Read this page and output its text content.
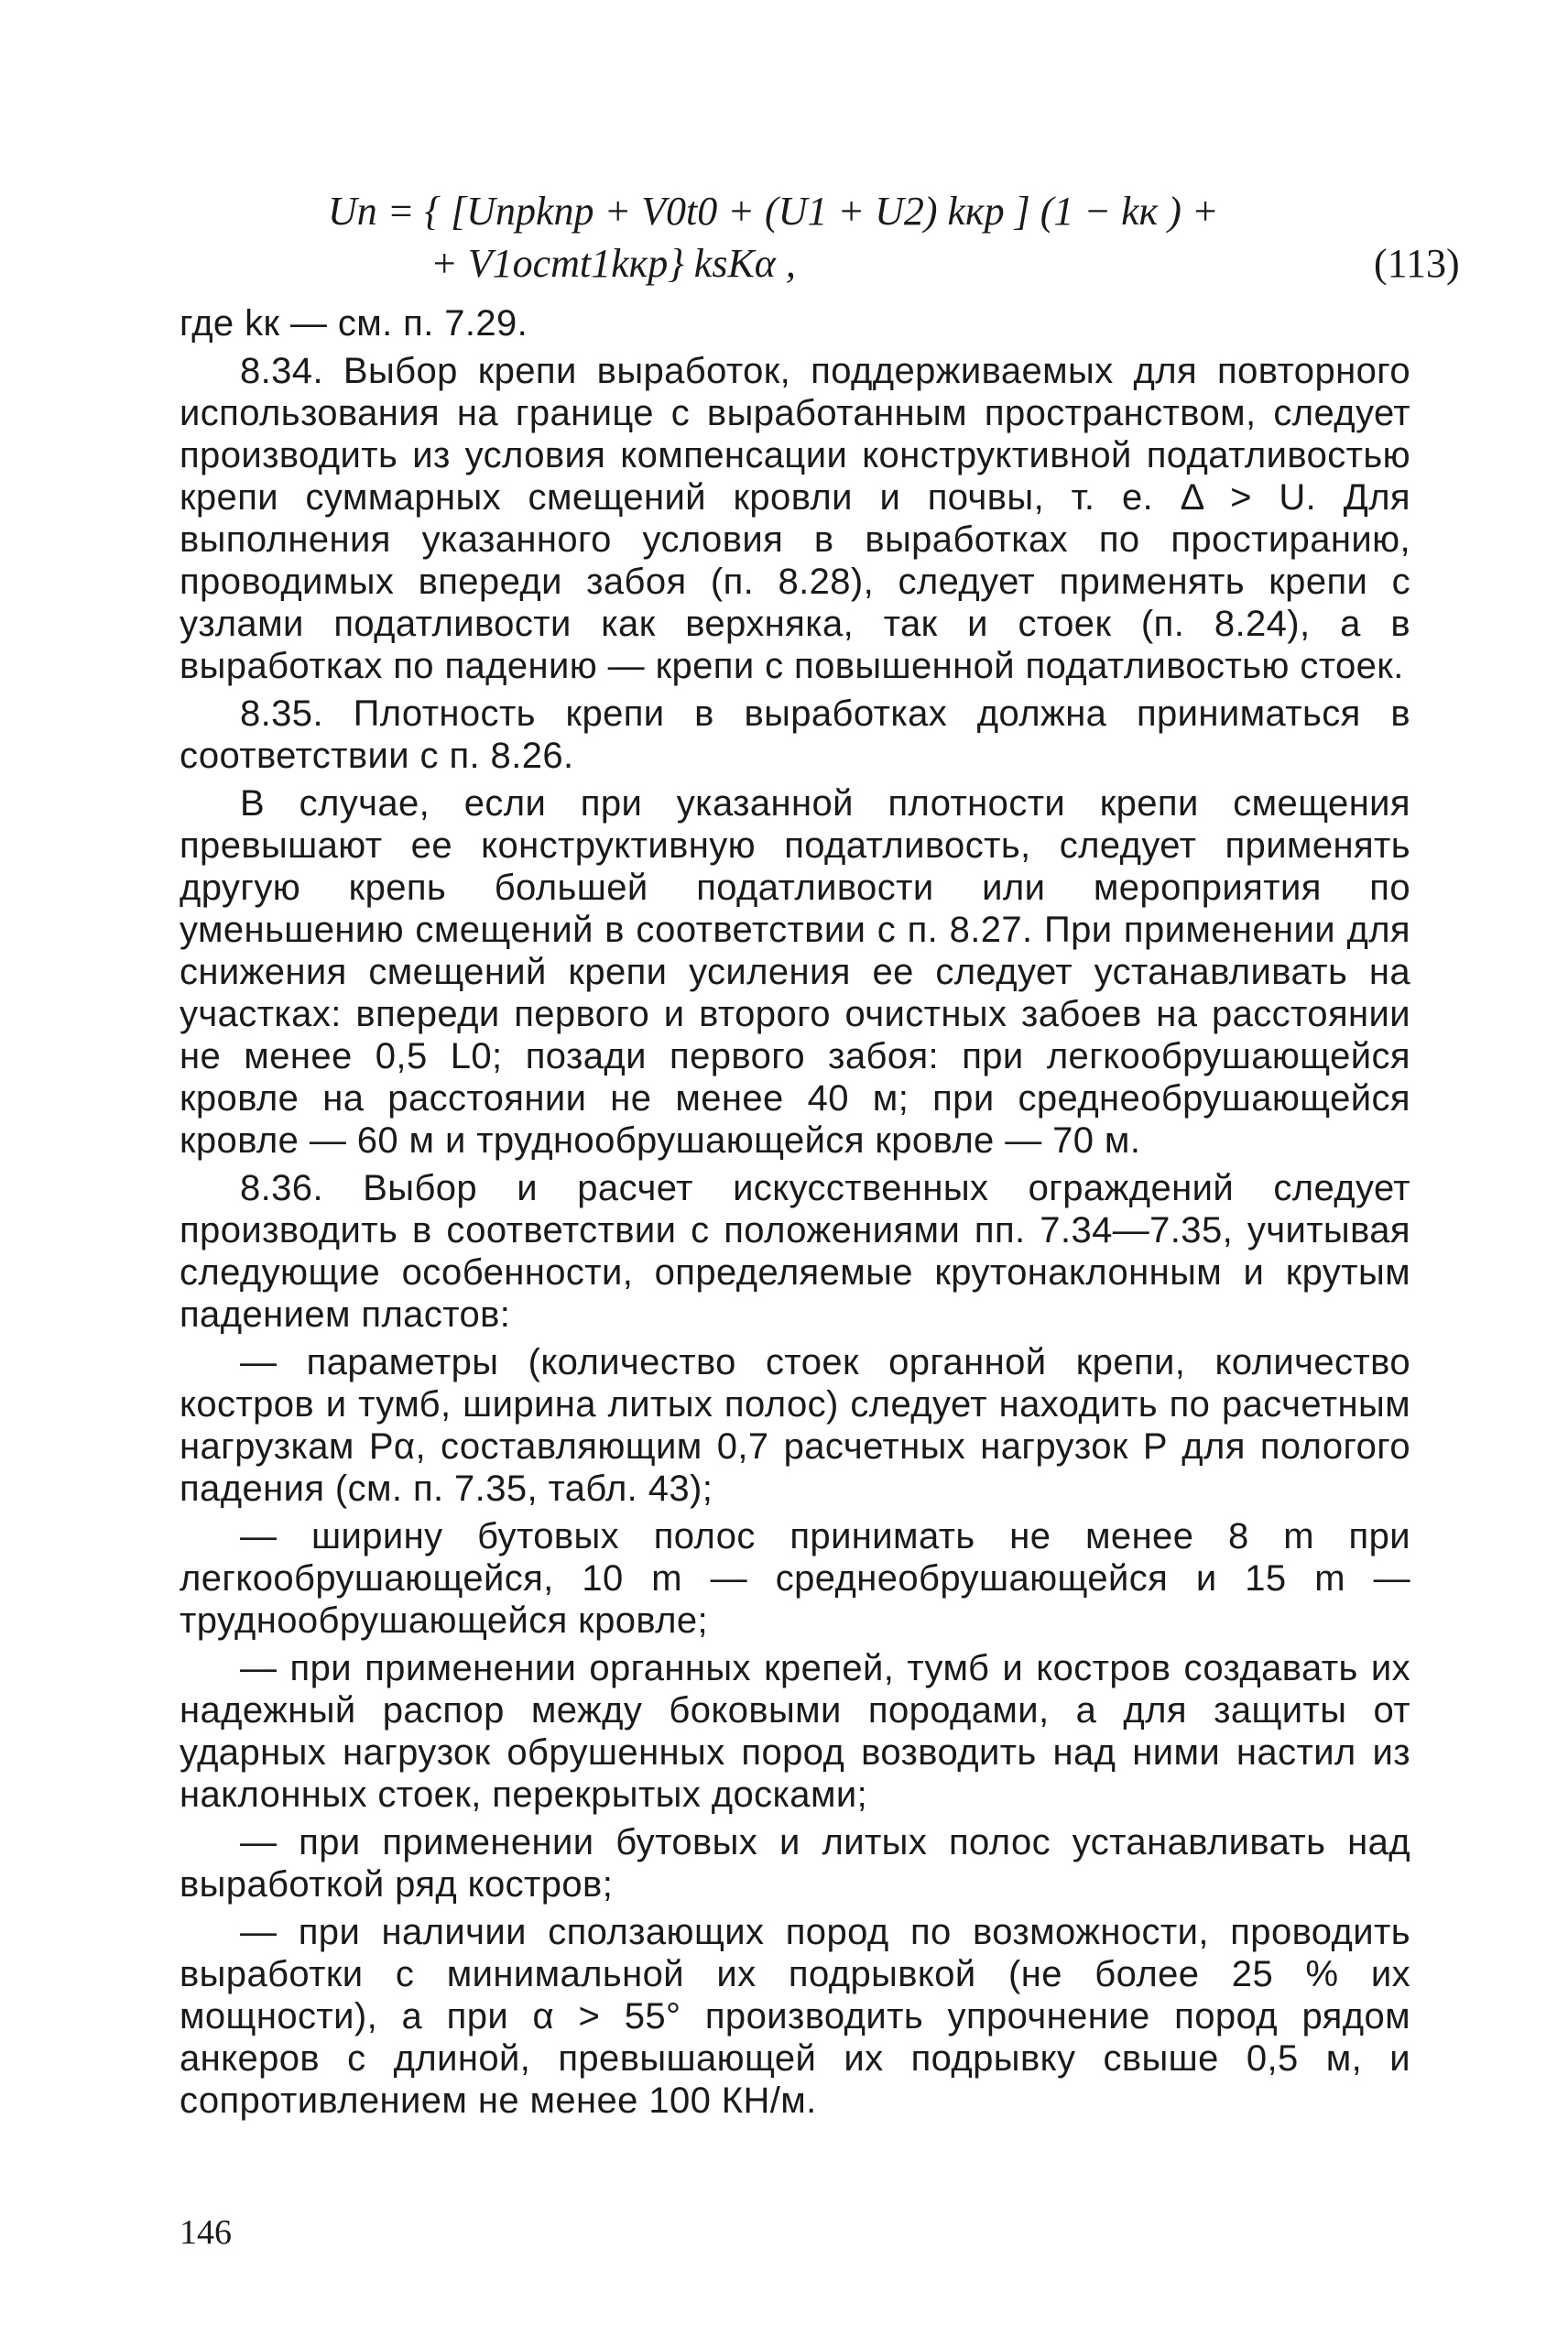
Uп = { [Uпрkпр + V0t0 + (U1 + U2) kкр ] (1 − kк ) +
+ V1остt1kкр} ksKα ,	(113)

где kк — см. п. 7.29.

8.34. Выбор крепи выработок, поддерживаемых для повторного использования на границе с выработанным пространством, следует производить из условия компенсации конструктивной податливостью крепи суммарных смещений кровли и почвы, т. е. Δ > U. Для выполнения указанного условия в выработках по простиранию, проводимых впереди забоя (п. 8.28), следует применять крепи с узлами податливости как верхняка, так и стоек (п. 8.24), а в выработках по падению — крепи с повышенной податливостью стоек.

8.35. Плотность крепи в выработках должна приниматься в соответствии с п. 8.26.

В случае, если при указанной плотности крепи смещения превышают ее конструктивную податливость, следует применять другую крепь большей податливости или мероприятия по уменьшению смещений в соответствии с п. 8.27. При применении для снижения смещений крепи усиления ее следует устанавливать на участках: впереди первого и второго очистных забоев на расстоянии не менее 0,5 L0; позади первого забоя: при легкообрушающейся кровле на расстоянии не менее 40 м; при среднеобрушающейся кровле — 60 м и труднообрушающейся кровле — 70 м.

8.36. Выбор и расчет искусственных ограждений следует производить в соответствии с положениями пп. 7.34—7.35, учитывая следующие особенности, определяемые крутонаклонным и крутым падением пластов:

— параметры (количество стоек органной крепи, количество костров и тумб, ширина литых полос) следует находить по расчетным нагрузкам Pα, составляющим 0,7 расчетных нагрузок P для пологого падения (см. п. 7.35, табл. 43);

— ширину бутовых полос принимать не менее 8 m при легкообрушающейся, 10 m — среднеобрушающейся и 15 m — труднообрушающейся кровле;

— при применении органных крепей, тумб и костров создавать их надежный распор между боковыми породами, а для защиты от ударных нагрузок обрушенных пород возводить над ними настил из наклонных стоек, перекрытых досками;

— при применении бутовых и литых полос устанавливать над выработкой ряд костров;

— при наличии сползающих пород по возможности, проводить выработки с минимальной их подрывкой (не более 25 % их мощности), а при α > 55° производить упрочнение пород рядом анкеров с длиной, превышающей их подрывку свыше 0,5 м, и сопротивлением не менее 100 КН/м.

146
